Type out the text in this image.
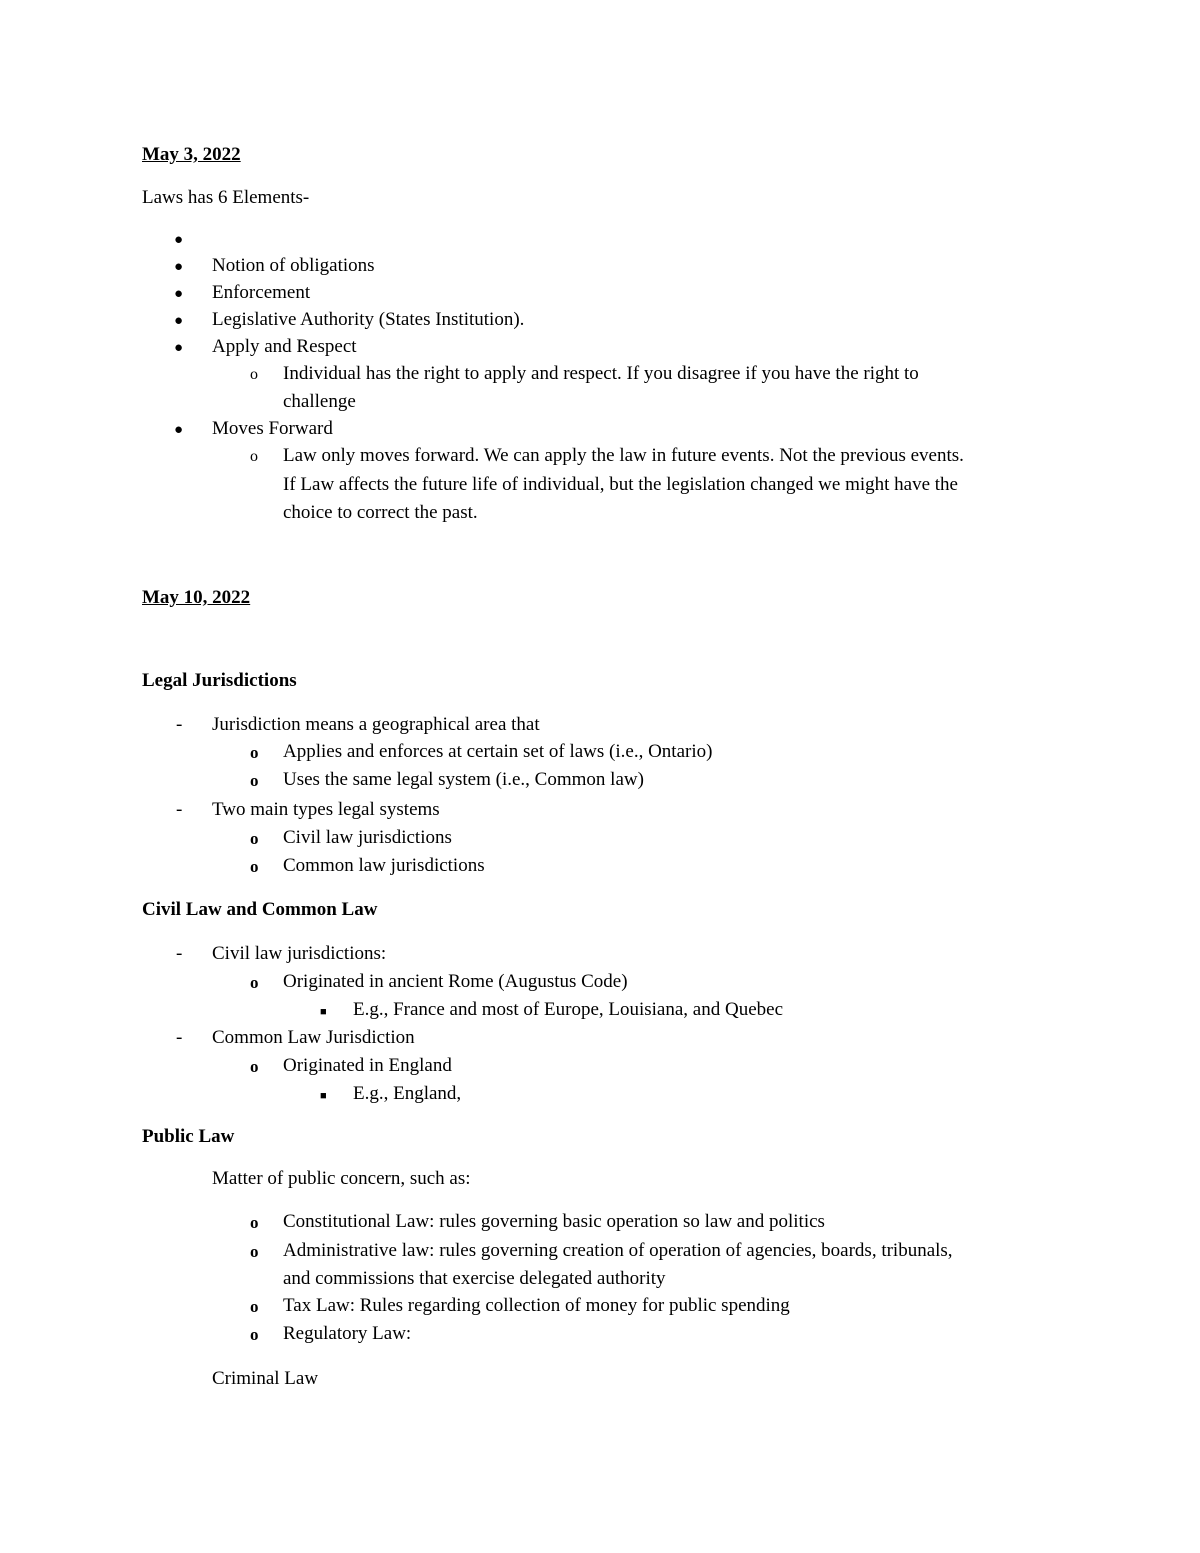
May 3, 2022
Laws has 6 Elements-
●
● Notion of obligations
● Enforcement
● Legislative Authority (States Institution).
● Apply and Respect
o Individual has the right to apply and respect. If you disagree if you have the right to
challenge
● Moves Forward
o Law only moves forward. We can apply the law in future events. Not the previous events.
If Law affects the future life of individual, but the legislation changed we might have the
choice to correct the past.
May 10, 2022
Legal Jurisdictions
- Jurisdiction means a geographical area that
o Applies and enforces at certain set of laws (i.e., Ontario)
o Uses the same legal system (i.e., Common law)
- Two main types legal systems
o Civil law jurisdictions
o Common law jurisdictions
Civil Law and Common Law
- Civil law jurisdictions:
o Originated in ancient Rome (Augustus Code)
■ E.g., France and most of Europe, Louisiana, and Quebec
- Common Law Jurisdiction
o Originated in England
■ E.g., England,
Public Law
Matter of public concern, such as:
o Constitutional Law: rules governing basic operation so law and politics
o Administrative law: rules governing creation of operation of agencies, boards, tribunals,
and commissions that exercise delegated authority
o Tax Law: Rules regarding collection of money for public spending
o Regulatory Law:
Criminal Law
